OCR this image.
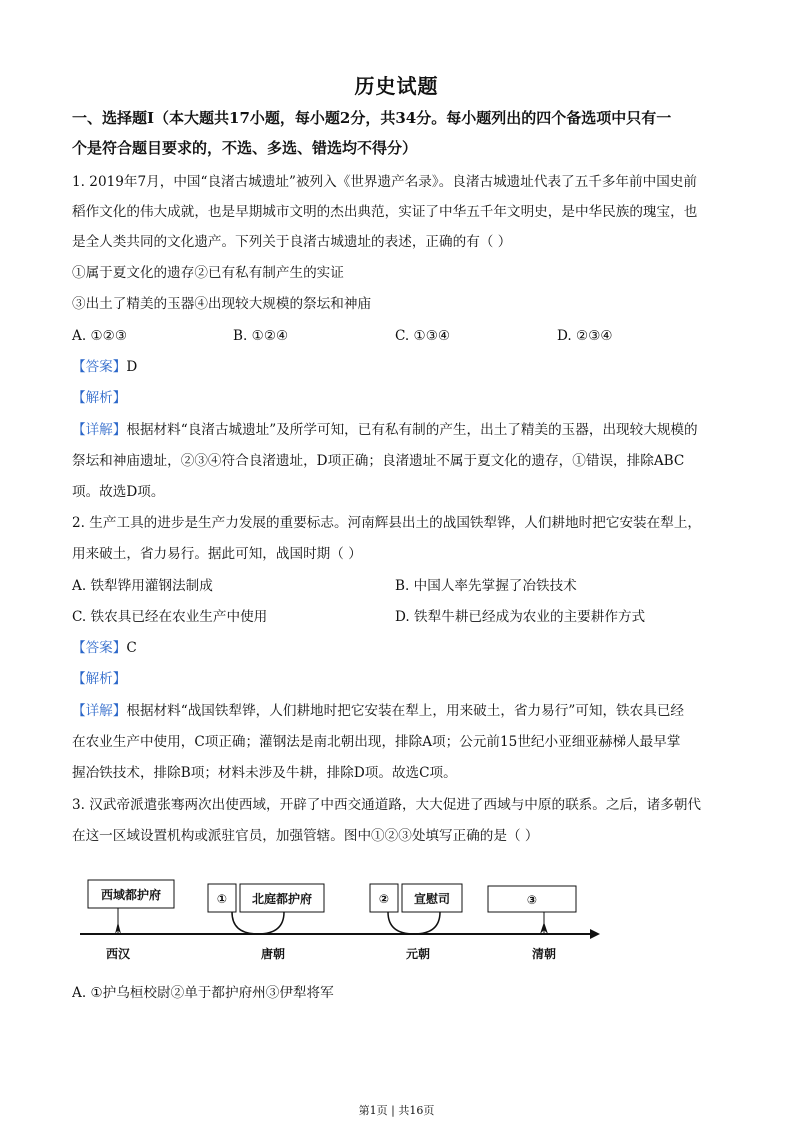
历史试题
一、选择题Ⅰ（本大题共17小题，每小题2分，共34分。每小题列出的四个备选项中只有一
个是符合题目要求的，不选、多选、错选均不得分）
1. 2019年7月，中国“良渚古城遗址”被列入《世界遗产名录》。良渚古城遗址代表了五千多年前中国史前
稻作文化的伟大成就，也是早期城市文明的杰出典范，实证了中华五千年文明史，是中华民族的瑰宝，也
是全人类共同的文化遗产。下列关于良渚古城遗址的表述，正确的有（ ）
①属于夏文化的遗存②已有私有制产生的实证
③出土了精美的玉器④出现较大规模的祭坛和神庙
A. ①②③	B. ①②④	C. ①③④	D. ②③④
【答案】D
【解析】
【详解】根据材料“良渚古城遗址”及所学可知，已有私有制的产生，出土了精美的玉器，出现较大规模的
祭坛和神庙遗址，②③④符合良渚遗址，D项正确；良渚遗址不属于夏文化的遗存，①错误，排除ABC
项。故选D项。
2. 生产工具的进步是生产力发展的重要标志。河南辉县出土的战国铁犁铧，人们耕地时把它安装在犁上，
用来破土，省力易行。据此可知，战国时期（ ）
A. 铁犁铧用灌钢法制成	B. 中国人率先掌握了冶铁技术
C. 铁农具已经在农业生产中使用	D. 铁犁牛耕已经成为农业的主要耕作方式
【答案】C
【解析】
【详解】根据材料“战国铁犁铧，人们耕地时把它安装在犁上，用来破土，省力易行”可知，铁农具已经
在农业生产中使用，C项正确；灌钢法是南北朝出现，排除A项；公元前15世纪小亚细亚赫梯人最早掌
握冶铁技术，排除B项；材料未涉及牛耕，排除D项。故选C项。
3. 汉武帝派遣张骞两次出使西域，开辟了中西交通道路，大大促进了西域与中原的联系。之后，诸多朝代
在这一区域设置机构或派驻官员，加强管辖。图中①②③处填写正确的是（ ）
西域都护府	① 北庭都护府	② 宣慰司	③
西汉	唐朝	元朝	清朝
A. ①护乌桓校尉②单于都护府州③伊犁将军
第1页 | 共16页
